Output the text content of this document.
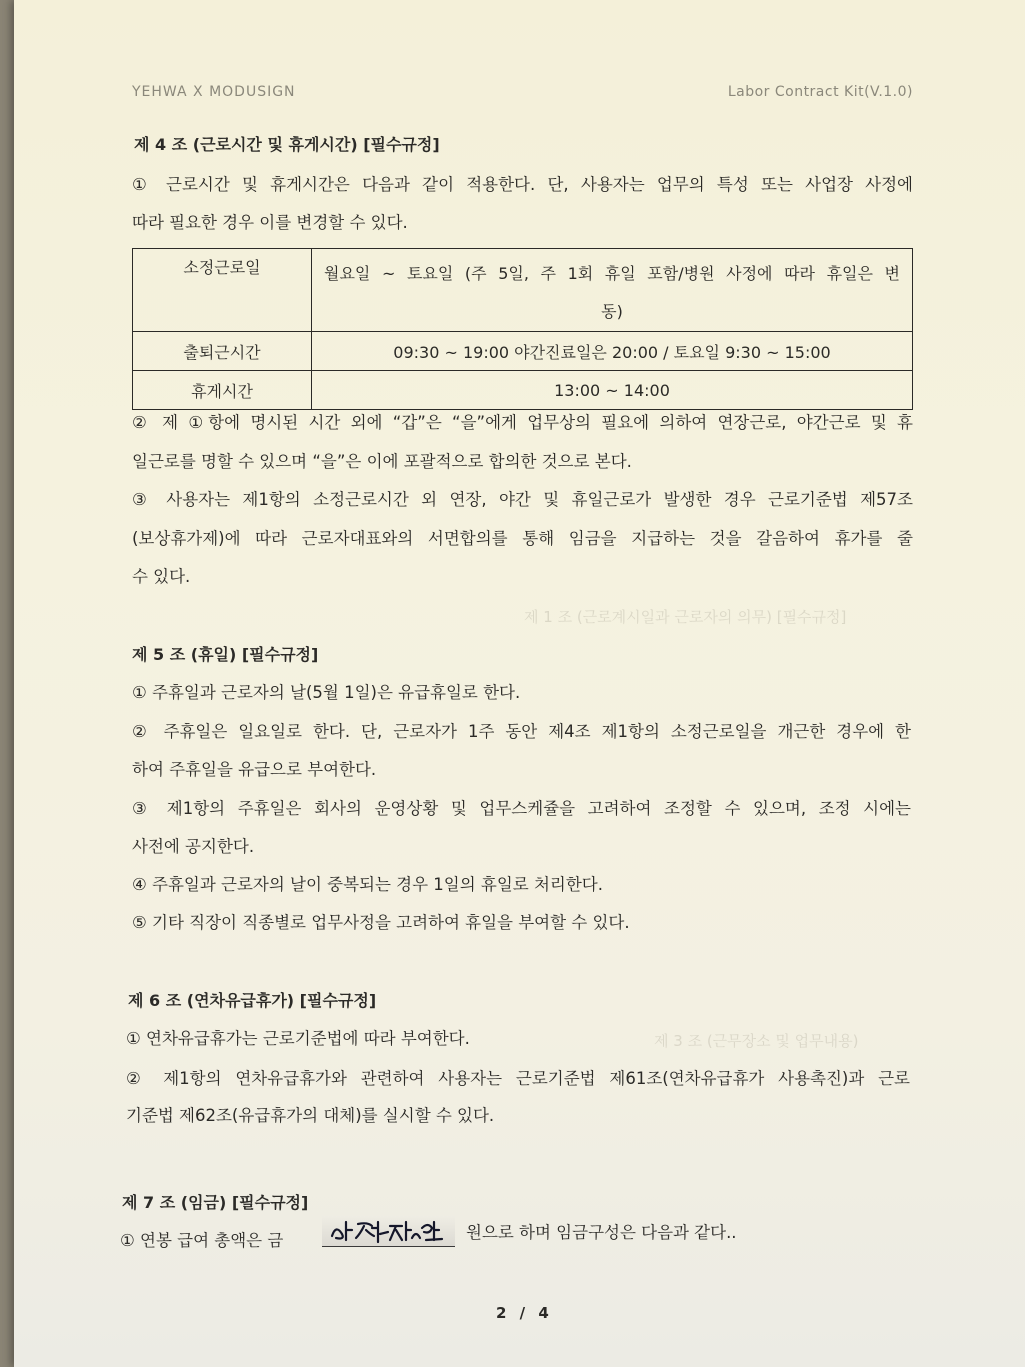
YEHWA X MODUSIGN	Labor Contract Kit(V.1.0)
제 1 조 (근로계시일과 근로자의 의무) [필수규정]
제 3 조 (근무장소 및 업무내용)
제 4 조 (근로시간 및 휴게시간) [필수규정]
① 근로시간 및 휴게시간은 다음과 같이 적용한다. 단, 사용자는 업무의 특성 또는 사업장 사정에
따라 필요한 경우 이를 변경할 수 있다.
소정근로일	월요일 ~ 토요일 (주 5일, 주 1회 휴일 포함/병원 사정에 따라 휴일은 변
동)

출퇴근시간	09:30 ~ 19:00 야간진료일은 20:00 / 토요일 9:30 ~ 15:00
휴게시간	13:00 ~ 14:00
② 제 ①항에 명시된 시간 외에 “갑”은 “을”에게 업무상의 필요에 의하여 연장근로, 야간근로 및 휴
일근로를 명할 수 있으며 “을”은 이에 포괄적으로 합의한 것으로 본다.
③ 사용자는 제1항의 소정근로시간 외 연장, 야간 및 휴일근로가 발생한 경우 근로기준법 제57조
(보상휴가제)에 따라 근로자대표와의 서면합의를 통해 임금을 지급하는 것을 갈음하여 휴가를 줄
수 있다.
제 5 조 (휴일) [필수규정]
① 주휴일과 근로자의 날(5월 1일)은 유급휴일로 한다.
② 주휴일은 일요일로 한다. 단, 근로자가 1주 동안 제4조 제1항의 소정근로일을 개근한 경우에 한
하여 주휴일을 유급으로 부여한다.
③ 제1항의 주휴일은 회사의 운영상황 및 업무스케쥴을 고려하여 조정할 수 있으며, 조정 시에는
사전에 공지한다.
④ 주휴일과 근로자의 날이 중복되는 경우 1일의 휴일로 처리한다.
⑤ 기타 직장이 직종별로 업무사정을 고려하여 휴일을 부여할 수 있다.
제 6 조 (연차유급휴가) [필수규정]
① 연차유급휴가는 근로기준법에 따라 부여한다.
② 제1항의 연차유급휴가와 관련하여 사용자는 근로기준법 제61조(연차유급휴가 사용촉진)과 근로
기준법 제62조(유급휴가의 대체)를 실시할 수 있다.
제 7 조 (임금) [필수규정]
① 연봉 급여 총액은 금	원으로 하며 임금구성은 다음과 같다..
2 / 4
